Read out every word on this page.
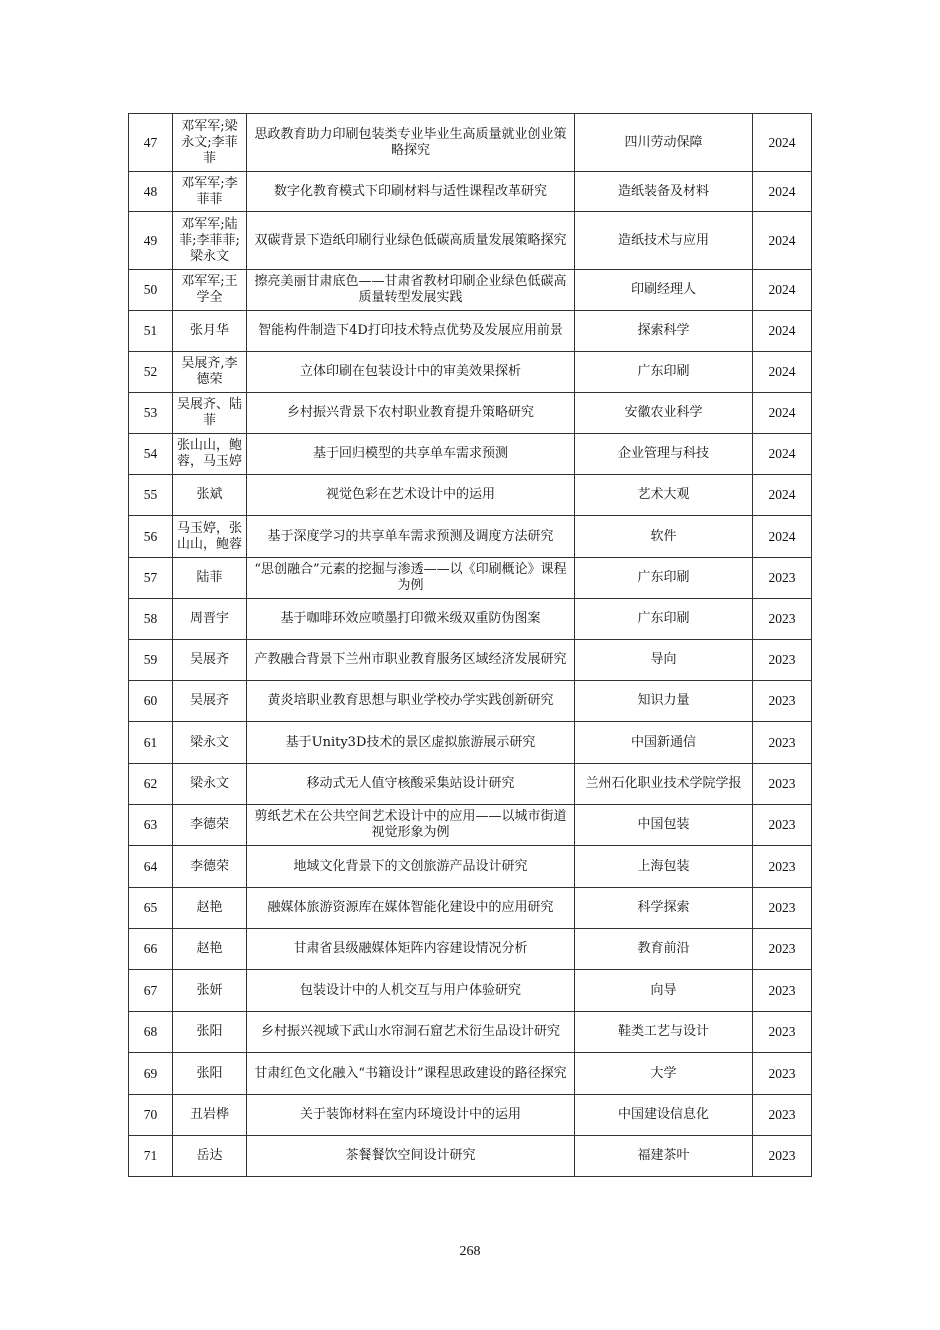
47	邓军军;梁永文;李菲菲	思政教育助力印刷包装类专业毕业生高质量就业创业策略探究	四川劳动保障	2024
48	邓军军;李菲菲	数字化教育模式下印刷材料与适性课程改革研究	造纸装备及材料	2024
49	邓军军;陆菲;李菲菲;梁永文	双碳背景下造纸印刷行业绿色低碳高质量发展策略探究	造纸技术与应用	2024
50	邓军军;王学全	擦亮美丽甘肃底色——甘肃省教材印刷企业绿色低碳高质量转型发展实践	印刷经理人	2024
51	张月华	智能构件制造下4D打印技术特点优势及发展应用前景	探索科学	2024
52	吴展齐,李德荣	立体印刷在包装设计中的审美效果探析	广东印刷	2024
53	吴展齐、陆菲	乡村振兴背景下农村职业教育提升策略研究	安徽农业科学	2024
54	张山山，鲍蓉，马玉婷	基于回归模型的共享单车需求预测	企业管理与科技	2024
55	张斌	视觉色彩在艺术设计中的运用	艺术大观	2024
56	马玉婷，张山山，鲍蓉	基于深度学习的共享单车需求预测及调度方法研究	软件	2024
57	陆菲	“思创融合”元素的挖掘与渗透——以《印刷概论》课程为例	广东印刷	2023
58	周晋宇	基于咖啡环效应喷墨打印微米级双重防伪图案	广东印刷	2023
59	吴展齐	产教融合背景下兰州市职业教育服务区域经济发展研究	导向	2023
60	吴展齐	黄炎培职业教育思想与职业学校办学实践创新研究	知识力量	2023
61	梁永文	基于Unity3D技术的景区虚拟旅游展示研究	中国新通信	2023
62	梁永文	移动式无人值守核酸采集站设计研究	兰州石化职业技术学院学报	2023
63	李德荣	剪纸艺术在公共空间艺术设计中的应用——以城市街道视觉形象为例	中国包装	2023
64	李德荣	地域文化背景下的文创旅游产品设计研究	上海包装	2023
65	赵艳	融媒体旅游资源库在媒体智能化建设中的应用研究	科学探索	2023
66	赵艳	甘肃省县级融媒体矩阵内容建设情况分析	教育前沿	2023
67	张妍	包装设计中的人机交互与用户体验研究	向导	2023
68	张阳	乡村振兴视域下武山水帘洞石窟艺术衍生品设计研究	鞋类工艺与设计	2023
69	张阳	甘肃红色文化融入“书籍设计”课程思政建设的路径探究	大学	2023
70	丑岩桦	关于装饰材料在室内环境设计中的运用	中国建设信息化	2023
71	岳达	茶餐餐饮空间设计研究	福建茶叶	2023
268
